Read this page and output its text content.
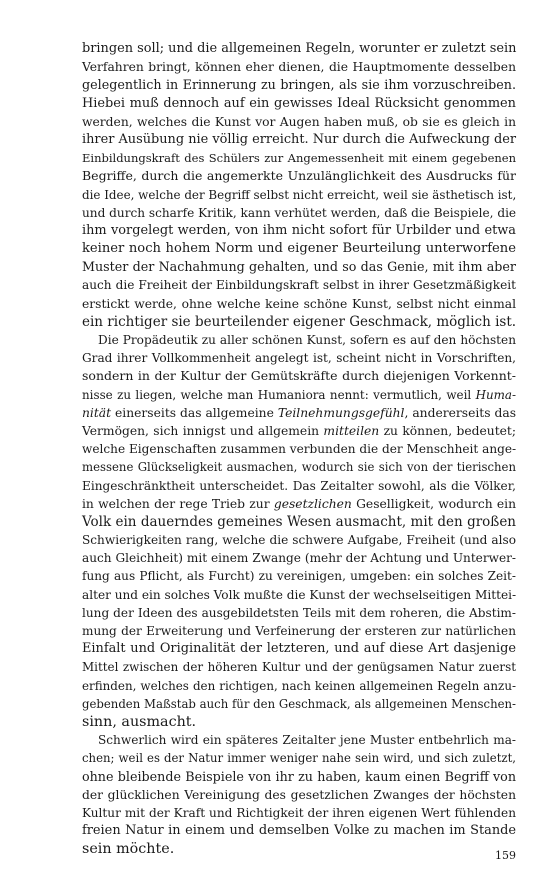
bringen soll; und die allgemeinen Regeln, worunter er zuletzt sein
Verfahren bringt, können eher dienen, die Hauptmomente desselben
gelegentlich in Erinnerung zu bringen, als sie ihm vorzuschreiben.
Hiebei muß dennoch auf ein gewisses Ideal Rücksicht genommen
werden, welches die Kunst vor Augen haben muß, ob sie es gleich in
ihrer Ausübung nie völlig erreicht. Nur durch die Aufweckung der
Einbildungskraft des Schülers zur Angemessenheit mit einem gegebenen
Begriffe, durch die angemerkte Unzulänglichkeit des Ausdrucks für
die Idee, welche der Begriff selbst nicht erreicht, weil sie ästhetisch ist,
und durch scharfe Kritik, kann verhütet werden, daß die Beispiele, die
ihm vorgelegt werden, von ihm nicht sofort für Urbilder und etwa
keiner noch hohem Norm und eigener Beurteilung unterworfene
Muster der Nachahmung gehalten, und so das Genie, mit ihm aber
auch die Freiheit der Einbildungskraft selbst in ihrer Gesetzmäßigkeit
erstickt werde, ohne welche keine schöne Kunst, selbst nicht einmal
ein richtiger sie beurteilender eigener Geschmack, möglich ist.
Die Propädeutik zu aller schönen Kunst, sofern es auf den höchsten
Grad ihrer Vollkommenheit angelegt ist, scheint nicht in Vorschriften,
sondern in der Kultur der Gemütskräfte durch diejenigen Vorkennt-
nisse zu liegen, welche man Humaniora nennt: vermutlich, weil Huma-
nität einerseits das allgemeine Teilnehmungsgefühl, andererseits das
Vermögen, sich innigst und allgemein mitteilen zu können, bedeutet;
welche Eigenschaften zusammen verbunden die der Menschheit ange-
messene Glückseligkeit ausmachen, wodurch sie sich von der tierischen
Eingeschränktheit unterscheidet. Das Zeitalter sowohl, als die Völker,
in welchen der rege Trieb zur gesetzlichen Geselligkeit, wodurch ein
Volk ein dauerndes gemeines Wesen ausmacht, mit den großen
Schwierigkeiten rang, welche die schwere Aufgabe, Freiheit (und also
auch Gleichheit) mit einem Zwange (mehr der Achtung und Unterwer-
fung aus Pflicht, als Furcht) zu vereinigen, umgeben: ein solches Zeit-
alter und ein solches Volk mußte die Kunst der wechselseitigen Mittei-
lung der Ideen des ausgebildetsten Teils mit dem roheren, die Abstim-
mung der Erweiterung und Verfeinerung der ersteren zur natürlichen
Einfalt und Originalität der letzteren, und auf diese Art dasjenige
Mittel zwischen der höheren Kultur und der genügsamen Natur zuerst
erfinden, welches den richtigen, nach keinen allgemeinen Regeln anzu-
gebenden Maßstab auch für den Geschmack, als allgemeinen Menschen-
sinn, ausmacht.
Schwerlich wird ein späteres Zeitalter jene Muster entbehrlich ma-
chen; weil es der Natur immer weniger nahe sein wird, und sich zuletzt,
ohne bleibende Beispiele von ihr zu haben, kaum einen Begriff von
der glücklichen Vereinigung des gesetzlichen Zwanges der höchsten
Kultur mit der Kraft und Richtigkeit der ihren eigenen Wert fühlenden
freien Natur in einem und demselben Volke zu machen im Stande
sein möchte.	159
